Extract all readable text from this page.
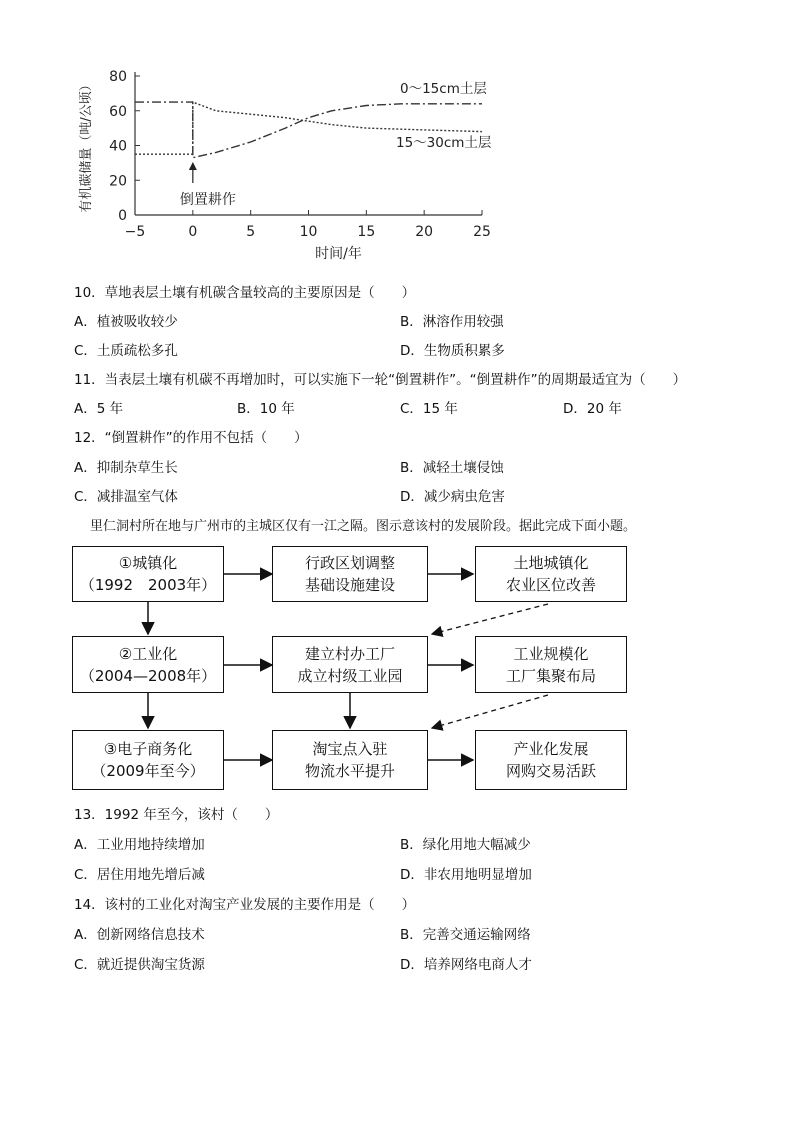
时间/年
有机碳储量（吨/公顷）
0
20
40
60
80
−5	0	5	10	15	20	25
0～15cm土层
15～30cm土层
倒置耕作
10．草地表层土壤有机碳含量较高的主要原因是（　　）
A．植被吸收较少	B．淋溶作用较强
C．土质疏松多孔	D．生物质积累多
11．当表层土壤有机碳不再增加时，可以实施下一轮“倒置耕作”。“倒置耕作”的周期最适宜为（　　）
A．5 年	B．10 年	C．15 年	D．20 年
12．“倒置耕作”的作用不包括（　　）
A．抑制杂草生长	B．减轻土壤侵蚀
C．减排温室气体	D．减少病虫危害
里仁洞村所在地与广州市的主城区仅有一江之隔。图示意该村的发展阶段。据此完成下面小题。
①城镇化
（1992　2003年）
行政区划调整
基础设施建设
土地城镇化
农业区位改善
②工业化
（2004—2008年）
建立村办工厂
成立村级工业园
工业规模化
工厂集聚布局
③电子商务化
（2009年至今）
淘宝点入驻
物流水平提升
产业化发展
网购交易活跃
13．1992 年至今，该村（　　）
A．工业用地持续增加	B．绿化用地大幅减少
C．居住用地先增后减	D．非农用地明显增加
14．该村的工业化对淘宝产业发展的主要作用是（　　）
A．创新网络信息技术	B．完善交通运输网络
C．就近提供淘宝货源	D．培养网络电商人才
